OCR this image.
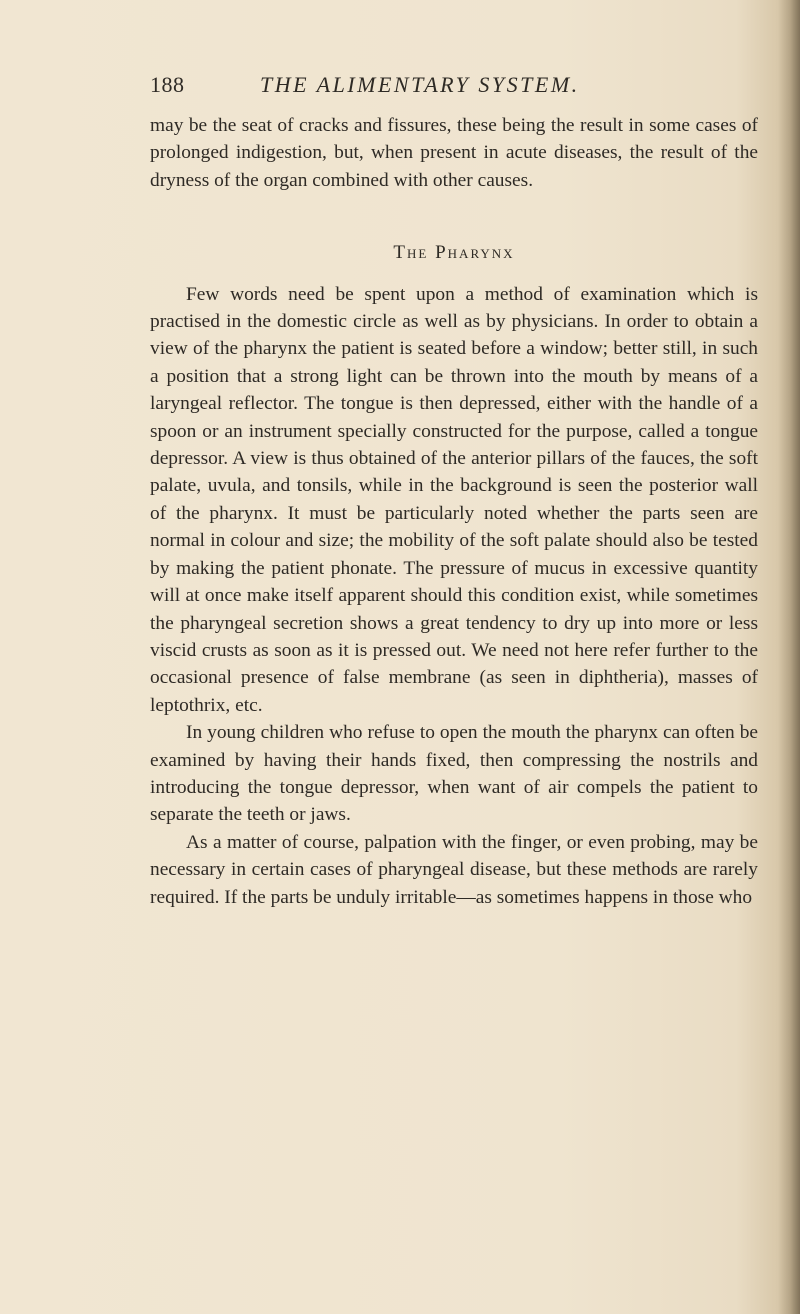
188	THE ALIMENTARY SYSTEM.

may be the seat of cracks and fissures, these being the result in some cases of prolonged indigestion, but, when present in acute diseases, the result of the dryness of the organ combined with other causes.

The Pharynx

Few words need be spent upon a method of examination which is practised in the domestic circle as well as by physicians. In order to obtain a view of the pharynx the patient is seated before a window; better still, in such a position that a strong light can be thrown into the mouth by means of a laryngeal reflector. The tongue is then depressed, either with the handle of a spoon or an instrument specially constructed for the purpose, called a tongue depressor. A view is thus obtained of the anterior pillars of the fauces, the soft palate, uvula, and tonsils, while in the background is seen the posterior wall of the pharynx. It must be particularly noted whether the parts seen are normal in colour and size; the mobility of the soft palate should also be tested by making the patient phonate. The pressure of mucus in excessive quantity will at once make itself apparent should this condition exist, while sometimes the pharyngeal secretion shows a great tendency to dry up into more or less viscid crusts as soon as it is pressed out. We need not here refer further to the occasional presence of false membrane (as seen in diphtheria), masses of leptothrix, etc.

In young children who refuse to open the mouth the pharynx can often be examined by having their hands fixed, then compressing the nostrils and introducing the tongue depressor, when want of air compels the patient to separate the teeth or jaws.

As a matter of course, palpation with the finger, or even probing, may be necessary in certain cases of pharyngeal disease, but these methods are rarely required. If the parts be unduly irritable—as sometimes happens in those who
